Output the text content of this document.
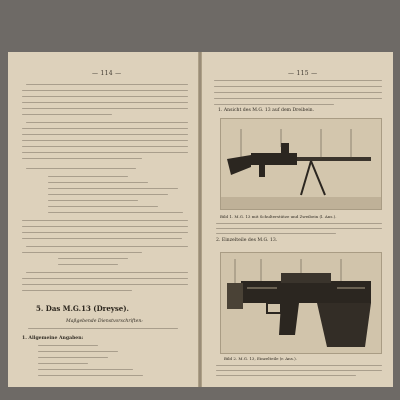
— 114 —
5. Das M.G.13 (Dreyse).
Maßgebende Dienstvorschriften:
1. Allgemeine Angaben:
— 115 —
1. Ansicht des M.G. 13 auf dem Dreibein.
Bild 1. M.G. 13 mit Schulterstütze und Zweibein (l. Ans.).
2. Einzelteile des M.G. 13.
Bild 2. M.G. 13, Einzelteile (r. Ans.).
